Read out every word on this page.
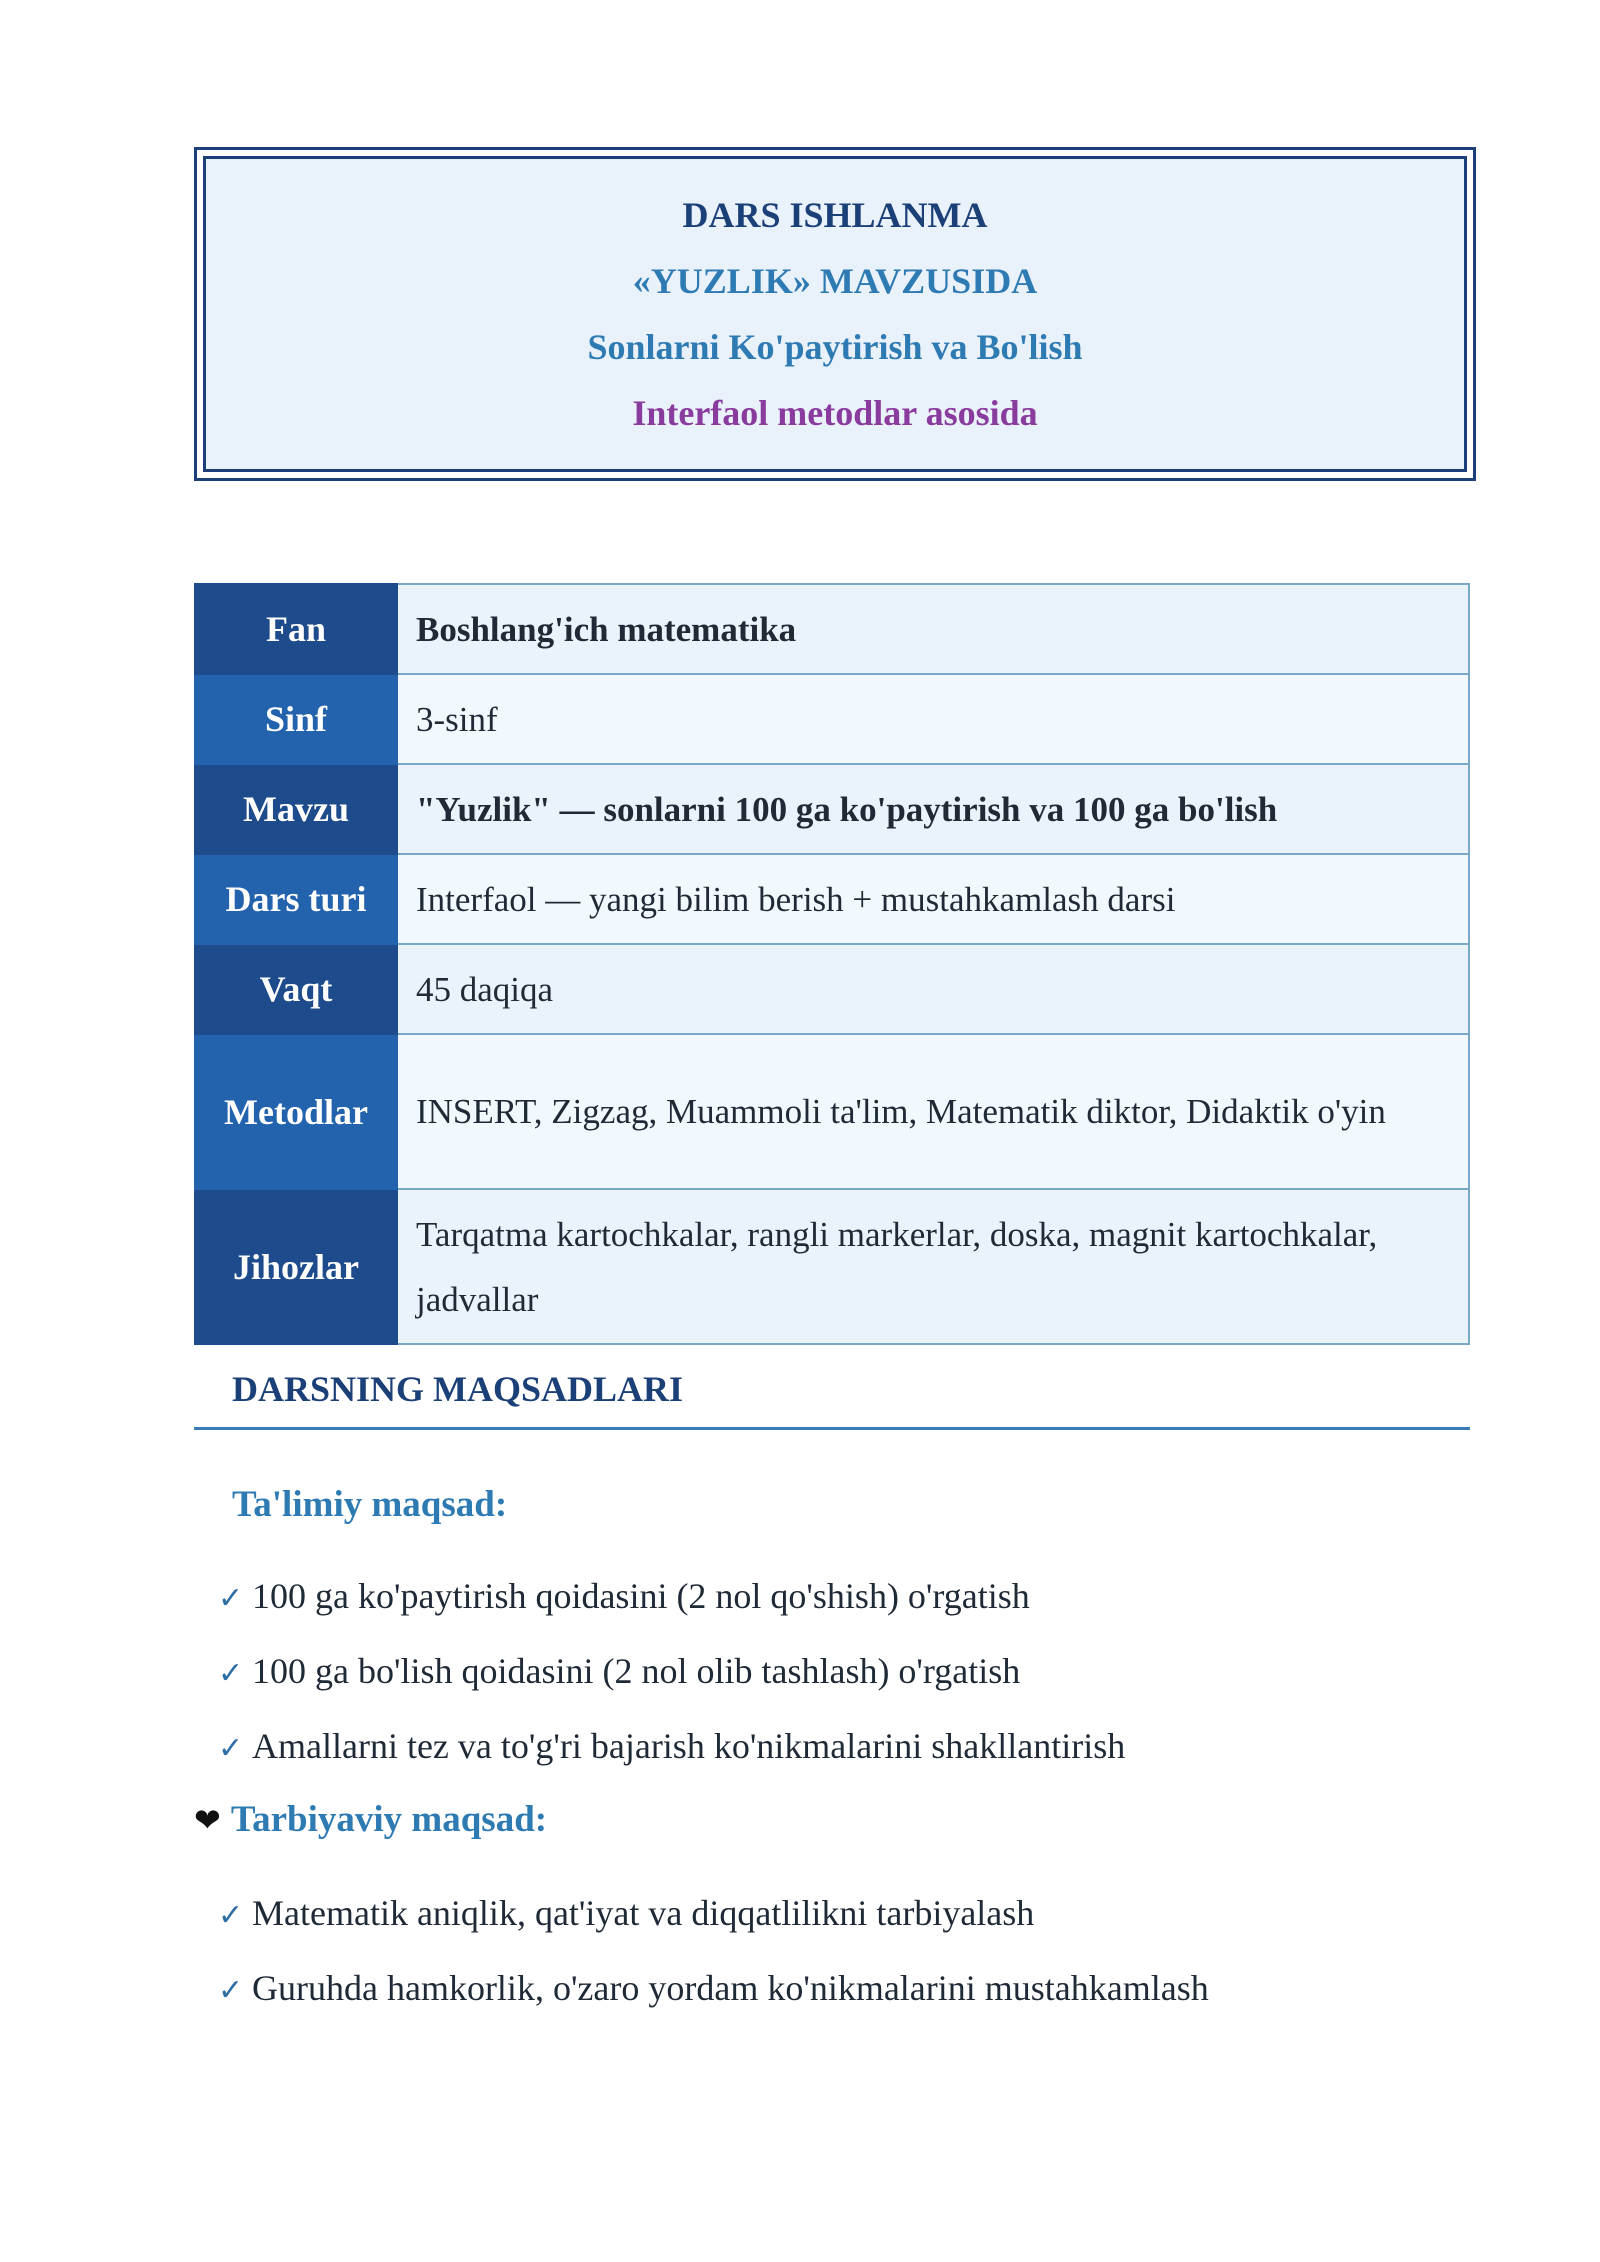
DARS ISHLANMA
«YUZLIK» MAVZUSIDA
Sonlarni Ko'paytirish va Bo'lish
Interfaol metodlar asosida
Fan	Boshlang'ich matematika
Sinf	3-sinf
Mavzu	"Yuzlik" — sonlarni 100 ga ko'paytirish va 100 ga bo'lish
Dars turi	Interfaol — yangi bilim berish + mustahkamlash darsi
Vaqt	45 daqiqa
Metodlar	INSERT, Zigzag, Muammoli ta'lim, Matematik diktor, Didaktik o'yin
Jihozlar	Tarqatma kartochkalar, rangli markerlar, doska, magnit kartochkalar, jadvallar
DARSNING MAQSADLARI
Ta'limiy maqsad:
✓ 100 ga ko'paytirish qoidasini (2 nol qo'shish) o'rgatish
✓ 100 ga bo'lish qoidasini (2 nol olib tashlash) o'rgatish
✓ Amallarni tez va to'g'ri bajarish ko'nikmalarini shakllantirish
❤ Tarbiyaviy maqsad:
✓ Matematik aniqlik, qat'iyat va diqqatlilikni tarbiyalash
✓ Guruhda hamkorlik, o'zaro yordam ko'nikmalarini mustahkamlash
